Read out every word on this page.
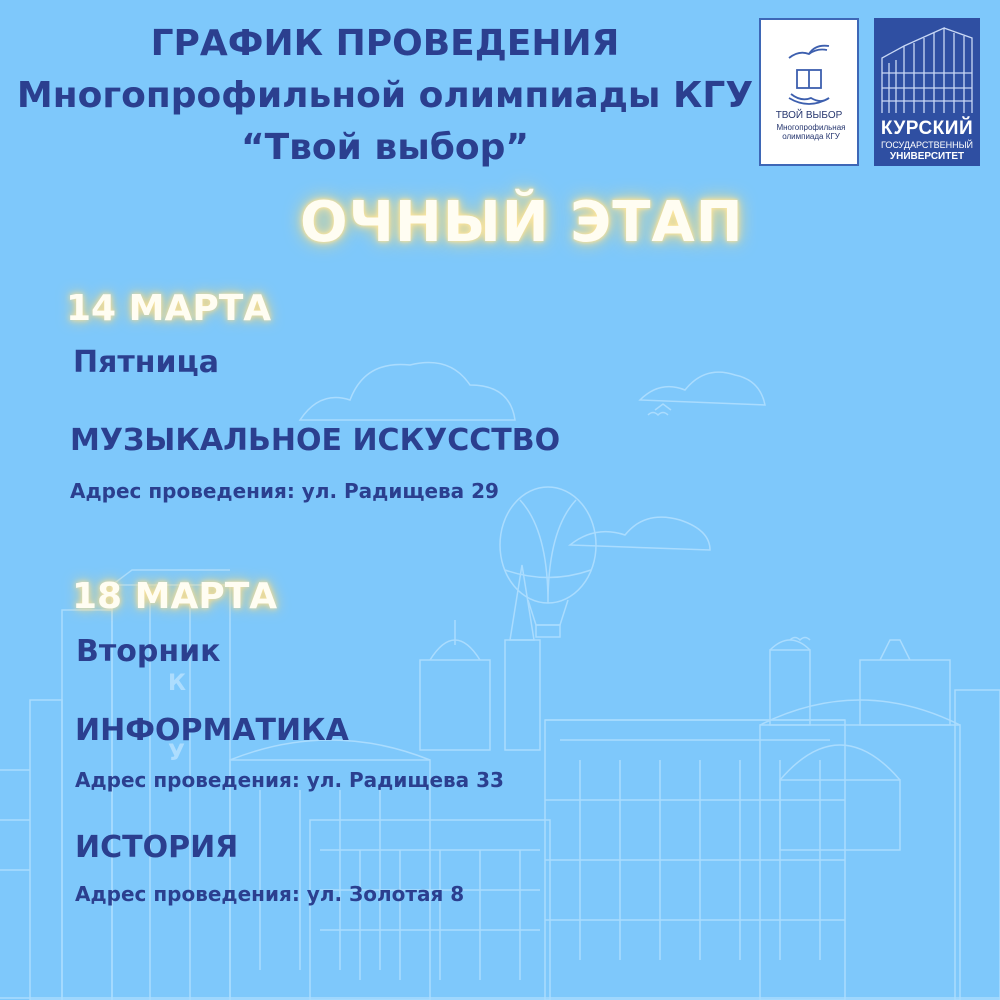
К
У
ГРАФИК ПРОВЕДЕНИЯ
Многопрофильной олимпиады КГУ
“Твой выбор”
ТВОЙ ВЫБОР
Многопрофильная
олимпиада КГУ	КУРСКИЙ
ГОСУДАРСТВЕННЫЙ
УНИВЕРСИТЕТ
ОЧНЫЙ ЭТАП
14 МАРТА
Пятница
МУЗЫКАЛЬНОЕ ИСКУССТВО
Адрес проведения: ул. Радищева 29
18 МАРТА
Вторник
ИНФОРМАТИКА
Адрес проведения: ул. Радищева 33
ИСТОРИЯ
Адрес проведения: ул. Золотая 8
